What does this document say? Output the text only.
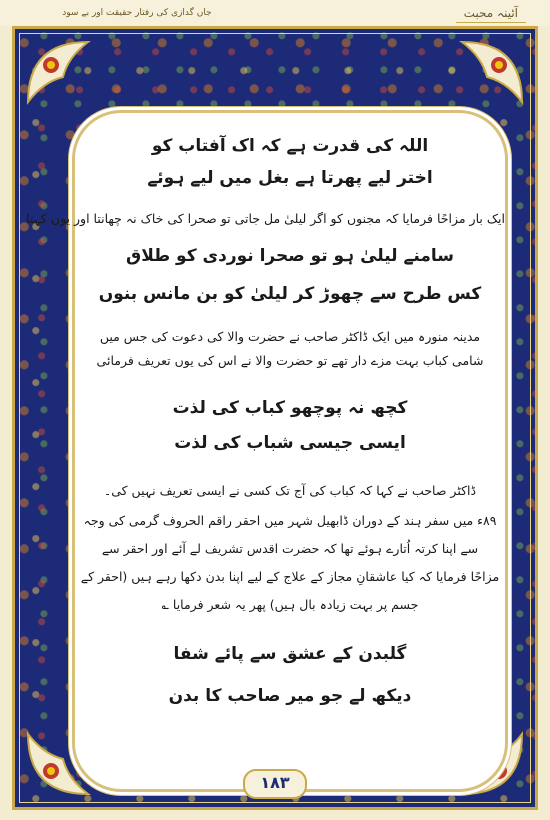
جاں گدازی کی رفتار حقیقت اور بے سود	آئینہ محبت
اللہ کی قدرت ہے کہ اک آفتاب کو
اختر لیے پھرتا ہے بغل میں لیے ہوئے
ایک بار مزاحًا فرمایا کہ مجنوں کو اگر لیلیٰ مل جاتی تو صحرا کی خاک نہ چھانتا اور یوں کہتا
سامنے لیلیٰ ہو تو صحرا نوردی کو طلاق
کس طرح سے چھوڑ کر لیلیٰ کو بن مانس بنوں
مدینہ منورہ میں ایک ڈاکٹر صاحب نے حضرت والا کی دعوت کی جس میں
شامی کباب بہت مزے دار تھے تو حضرت والا نے اس کی یوں تعریف فرمائی
کچھ نہ پوچھو کباب کی لذت
ایسی جیسی شباب کی لذت
ڈاکٹر صاحب نے کہا کہ کباب کی آج تک کسی نے ایسی تعریف نہیں کی۔
۸۹ء میں سفر ہند کے دوران ڈابھیل شہر میں احقر راقم الحروف گرمی کی وجہ
سے اپنا کرتہ اُتارے ہوئے تھا کہ حضرت اقدس تشریف لے آئے اور احقر سے
مزاحًا فرمایا کہ کیا عاشقانِ مجاز کے علاج کے لیے اپنا بدن دکھا رہے ہیں (احقر کے
جسم پر بہت زیادہ بال ہیں) پھر یہ شعر فرمایا ؎
گلبدن کے عشق سے پائے شفا
دیکھ لے جو میر صاحب کا بدن
۱۸۳
